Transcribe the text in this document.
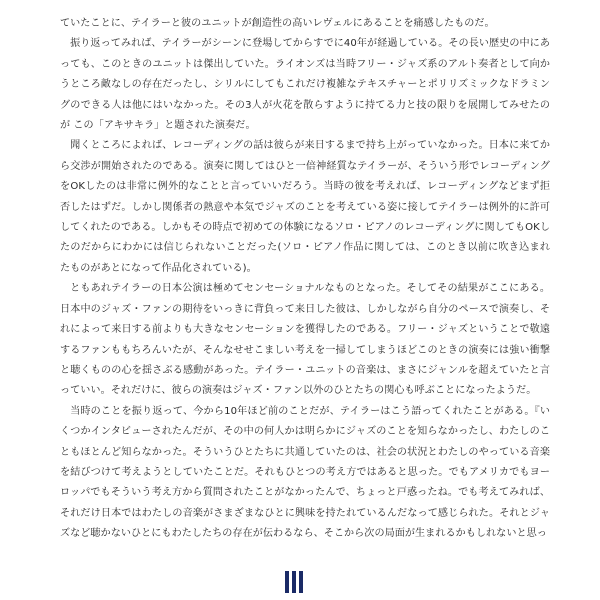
ていたことに、テイラーと彼のユニットが創造性の高いレヴェルにあることを痛感したものだ。

振り返ってみれば、テイラーがシーンに登場してからすでに40年が経過している。その長い歴史の中にあっても、このときのユニットは傑出していた。ライオンズは当時フリー・ジャズ系のアルト奏者として向かうところ敵なしの存在だったし、シリルにしてもこれだけ複雑なテキスチャーとポリリズミックなドラミングのできる人は他にはいなかった。その3人が火花を散らすように持てる力と技の限りを展開してみせたのが この「アキサキラ」と題された演奏だ。

聞くところによれば、レコーディングの話は彼らが来日するまで持ち上がっていなかった。日本に来てから交渉が開始されたのである。演奏に関してはひと一倍神経質なテイラーが、そういう形でレコーディングをOKしたのは非常に例外的なことと言っていいだろう。当時の彼を考えれば、レコーディングなどまず拒否したはずだ。しかし関係者の熱意や本気でジャズのことを考えている姿に接してテイラーは例外的に許可してくれたのである。しかもその時点で初めての体験になるソロ・ピアノのレコーディングに関してもOKしたのだからにわかには信じられないことだった(ソロ・ピアノ作品に関しては、このとき以前に吹き込まれたものがあとになって作品化されている)。

ともあれテイラーの日本公演は極めてセンセーショナルなものとなった。そしてその結果がここにある。日本中のジャズ・ファンの期待をいっきに背負って来日した彼は、しかしながら自分のペースで演奏し、それによって来日する前よりも大きなセンセーションを獲得したのである。フリー・ジャズということで敬遠するファンももちろんいたが、そんなせせこましい考えを一掃してしまうほどこのときの演奏には強い衝撃と聴くものの心を揺さぶる感動があった。テイラー・ユニットの音楽は、まさにジャンルを超えていたと言っていい。それだけに、彼らの演奏はジャズ・ファン以外のひとたちの関心も呼ぶことになったようだ。

当時のことを振り返って、今から10年ほど前のことだが、テイラーはこう語ってくれたことがある。『いくつかインタビューされたんだが、その中の何人かは明らかにジャズのことを知らなかったし、わたしのこともほとんど知らなかった。そういうひとたちに共通していたのは、社会の状況とわたしのやっている音楽を結びつけて考えようとしていたことだ。それもひとつの考え方ではあると思った。でもアメリカでもヨーロッパでもそういう考え方から質問されたことがなかったんで、ちょっと戸惑ったね。でも考えてみれば、それだけ日本ではわたしの音楽がさまざまなひとに興味を持たれているんだなって感じられた。それとジャズなど聴かないひとにもわたしたちの存在が伝わるなら、そこから次の局面が生まれるかもしれないと思っ
